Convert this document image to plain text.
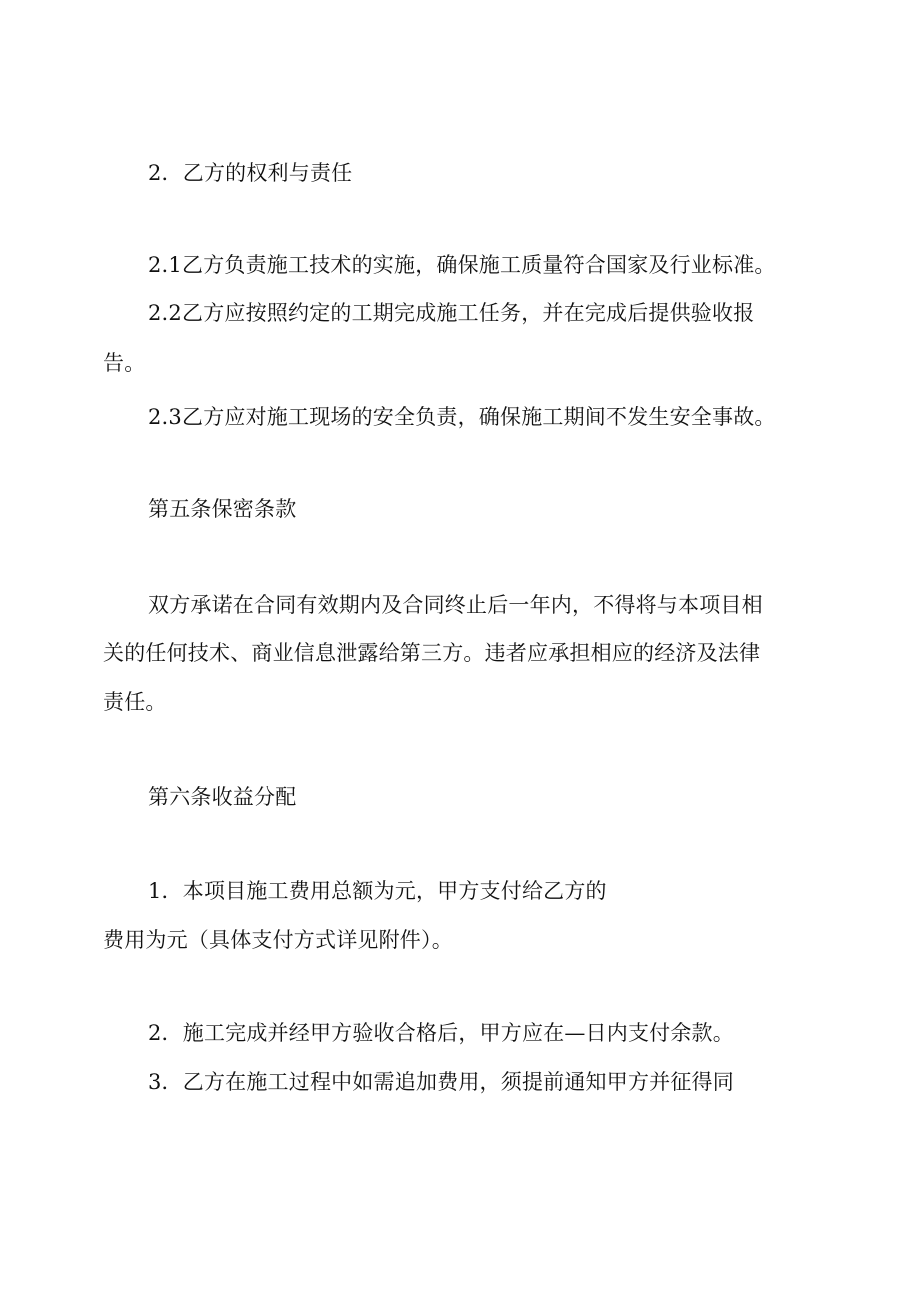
2．乙方的权利与责任
2.1乙方负责施工技术的实施，确保施工质量符合国家及行业标准。
2.2乙方应按照约定的工期完成施工任务，并在完成后提供验收报
告。
2.3乙方应对施工现场的安全负责，确保施工期间不发生安全事故。
第五条保密条款
双方承诺在合同有效期内及合同终止后一年内，不得将与本项目相
关的任何技术、商业信息泄露给第三方。违者应承担相应的经济及法律
责任。
第六条收益分配
1．本项目施工费用总额为元，甲方支付给乙方的
费用为元（具体支付方式详见附件）。
2．施工完成并经甲方验收合格后，甲方应在—日内支付余款。
3．乙方在施工过程中如需追加费用，须提前通知甲方并征得同
